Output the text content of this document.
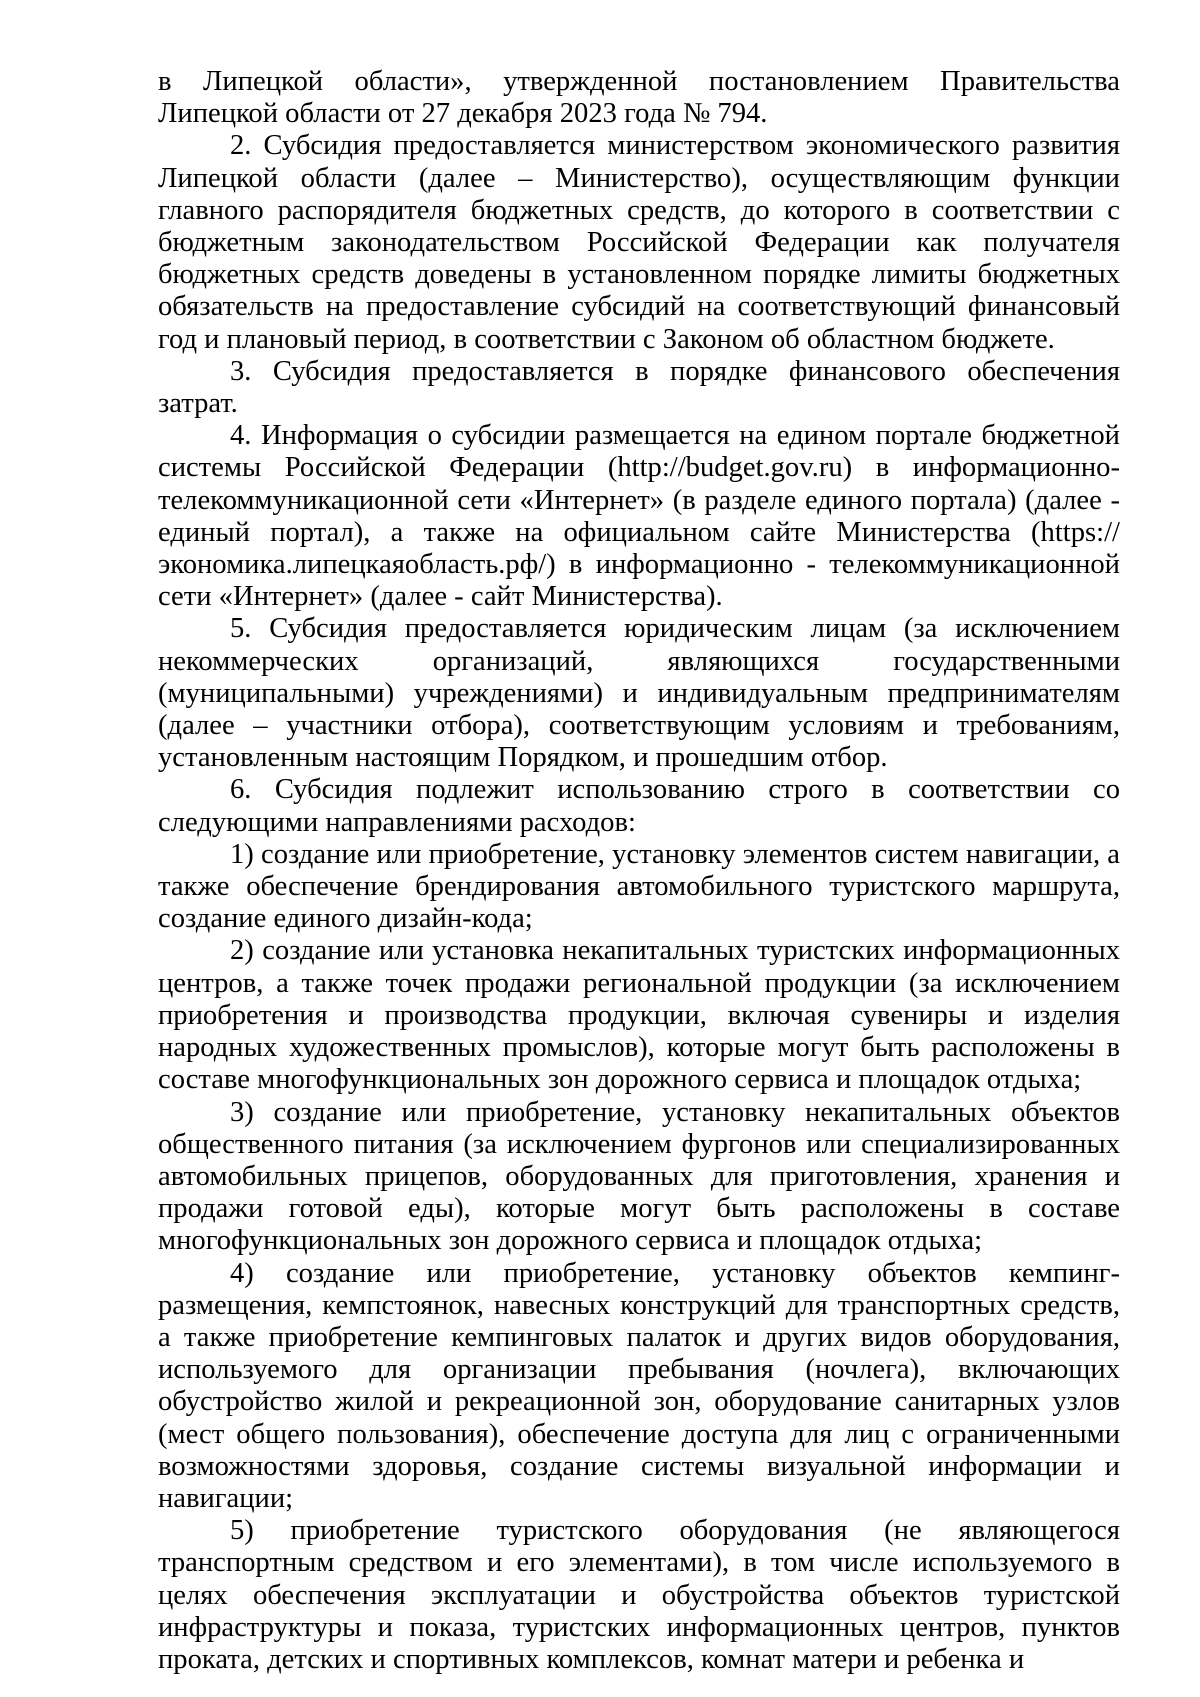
в Липецкой области», утвержденной постановлением Правительства Липецкой области от 27 декабря 2023 года № 794.

2. Субсидия предоставляется министерством экономического развития Липецкой области (далее – Министерство), осуществляющим функции главного распорядителя бюджетных средств, до которого в соответствии с бюджетным законодательством Российской Федерации как получателя бюджетных средств доведены в установленном порядке лимиты бюджетных обязательств на предоставление субсидий на соответствующий финансовый год и плановый период, в соответствии с Законом об областном бюджете.

3. Субсидия предоставляется в порядке финансового обеспечения затрат.

4. Информация о субсидии размещается на едином портале бюджетной системы Российской Федерации (http://budget.gov.ru) в информационно-телекоммуникационной сети «Интернет» (в разделе единого портала) (далее - единый портал), а также на официальном сайте Министерства (https://экономика.липецкаяобласть.рф/) в информационно - телекоммуникационной сети «Интернет» (далее - сайт Министерства).

5. Субсидия предоставляется юридическим лицам (за исключением некоммерческих организаций, являющихся государственными (муниципальными) учреждениями) и индивидуальным предпринимателям (далее – участники отбора), соответствующим условиям и требованиям, установленным настоящим Порядком, и прошедшим отбор.

6. Субсидия подлежит использованию строго в соответствии со следующими направлениями расходов:

1) создание или приобретение, установку элементов систем навигации, а также обеспечение брендирования автомобильного туристского маршрута, создание единого дизайн-кода;

2) создание или установка некапитальных туристских информационных центров, а также точек продажи региональной продукции (за исключением приобретения и производства продукции, включая сувениры и изделия народных художественных промыслов), которые могут быть расположены в составе многофункциональных зон дорожного сервиса и площадок отдыха;

3) создание или приобретение, установку некапитальных объектов общественного питания (за исключением фургонов или специализированных автомобильных прицепов, оборудованных для приготовления, хранения и продажи готовой еды), которые могут быть расположены в составе многофункциональных зон дорожного сервиса и площадок отдыха;

4) создание или приобретение, установку объектов кемпинг-размещения, кемпстоянок, навесных конструкций для транспортных средств, а также приобретение кемпинговых палаток и других видов оборудования, используемого для организации пребывания (ночлега), включающих обустройство жилой и рекреационной зон, оборудование санитарных узлов (мест общего пользования), обеспечение доступа для лиц с ограниченными возможностями здоровья, создание системы визуальной информации и навигации;

5) приобретение туристского оборудования (не являющегося транспортным средством и его элементами), в том числе используемого в целях обеспечения эксплуатации и обустройства объектов туристской инфраструктуры и показа, туристских информационных центров, пунктов проката, детских и спортивных комплексов, комнат матери и ребенка и
